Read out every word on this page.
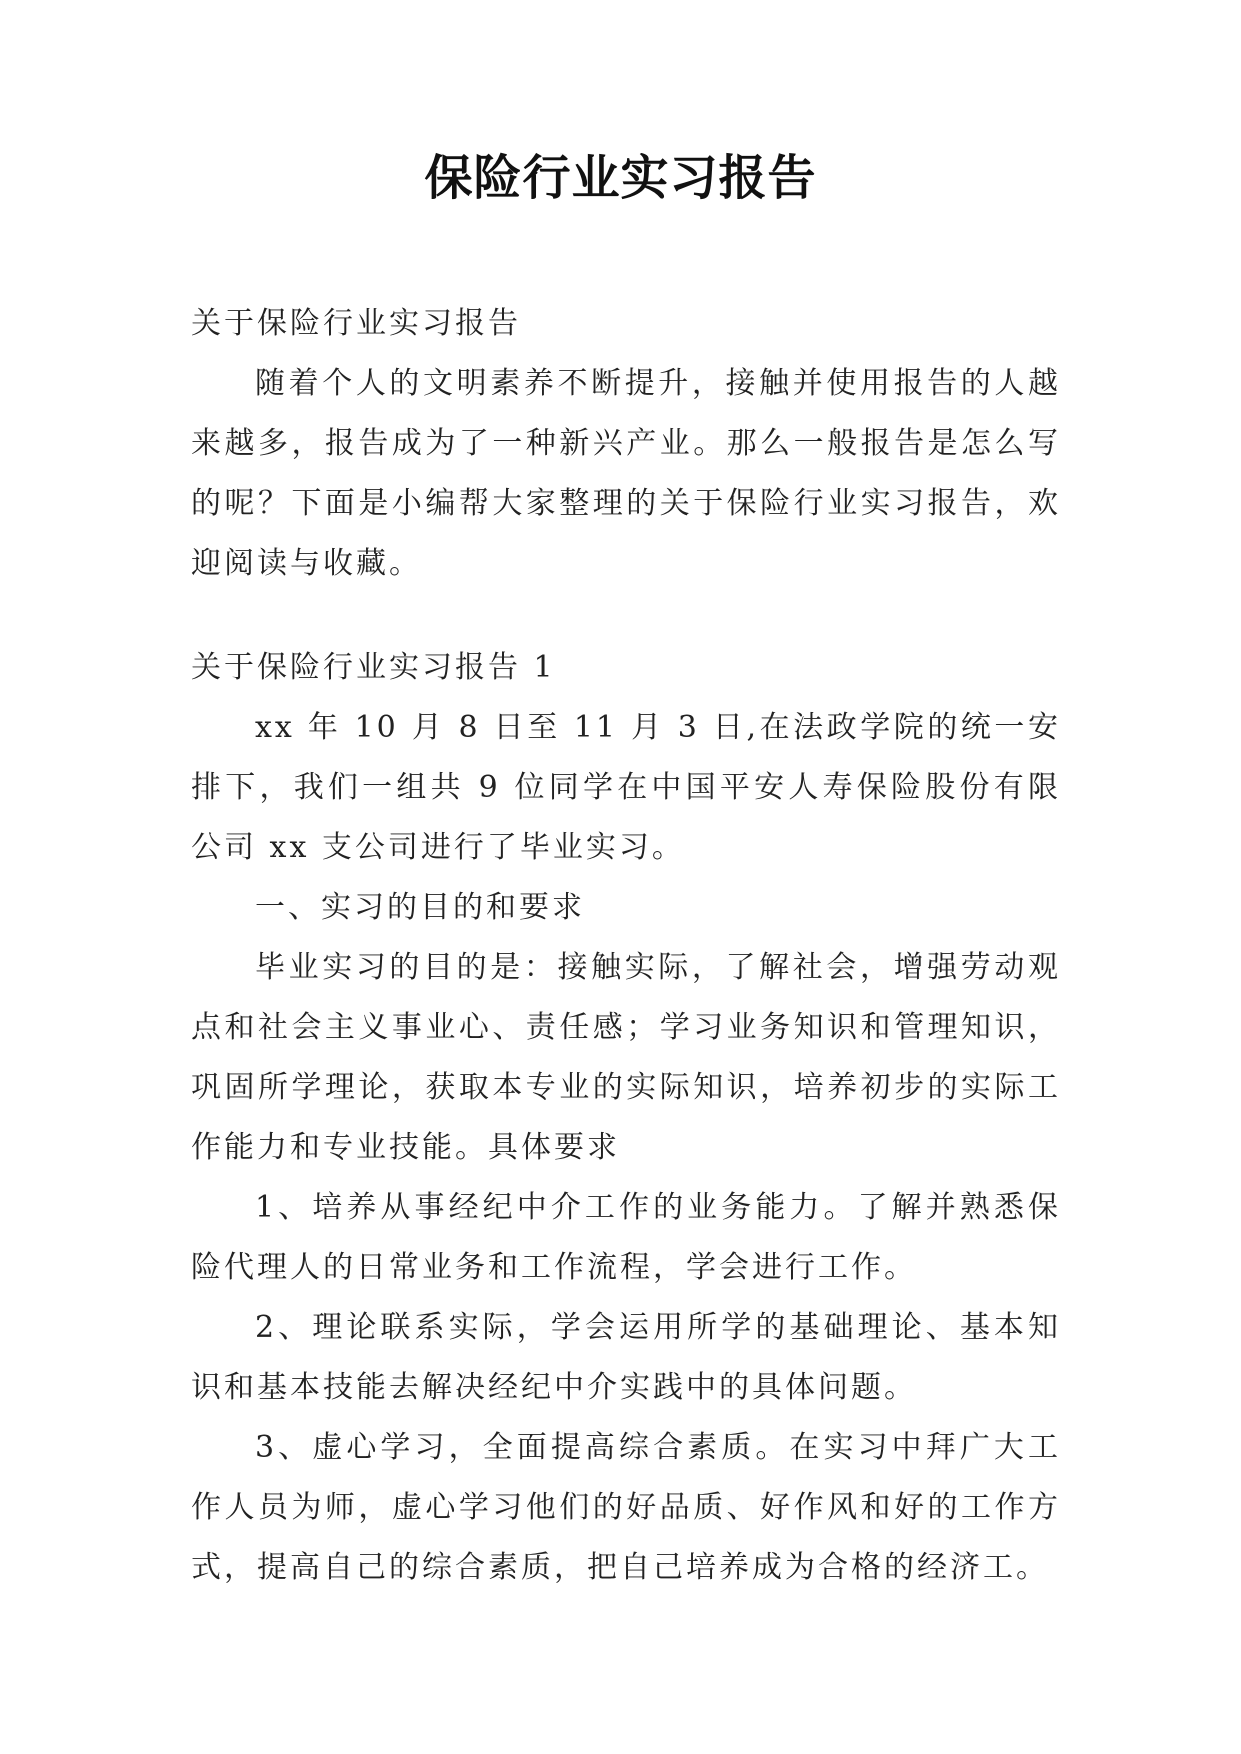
保险行业实习报告

关于保险行业实习报告

随着个人的文明素养不断提升，接触并使用报告的人越来越多，报告成为了一种新兴产业。那么一般报告是怎么写的呢？下面是小编帮大家整理的关于保险行业实习报告，欢迎阅读与收藏。

关于保险行业实习报告 1

xx 年 10 月 8 日至 11 月 3 日,在法政学院的统一安排下，我们一组共 9 位同学在中国平安人寿保险股份有限公司 xx 支公司进行了毕业实习。

一、实习的目的和要求

毕业实习的目的是：接触实际，了解社会，增强劳动观点和社会主义事业心、责任感；学习业务知识和管理知识，巩固所学理论，获取本专业的实际知识，培养初步的实际工作能力和专业技能。具体要求

1、培养从事经纪中介工作的业务能力。了解并熟悉保险代理人的日常业务和工作流程，学会进行工作。

2、理论联系实际，学会运用所学的基础理论、基本知识和基本技能去解决经纪中介实践中的具体问题。

3、虚心学习，全面提高综合素质。在实习中拜广大工作人员为师，虚心学习他们的好品质、好作风和好的工作方式，提高自己的综合素质，把自己培养成为合格的经济工。
